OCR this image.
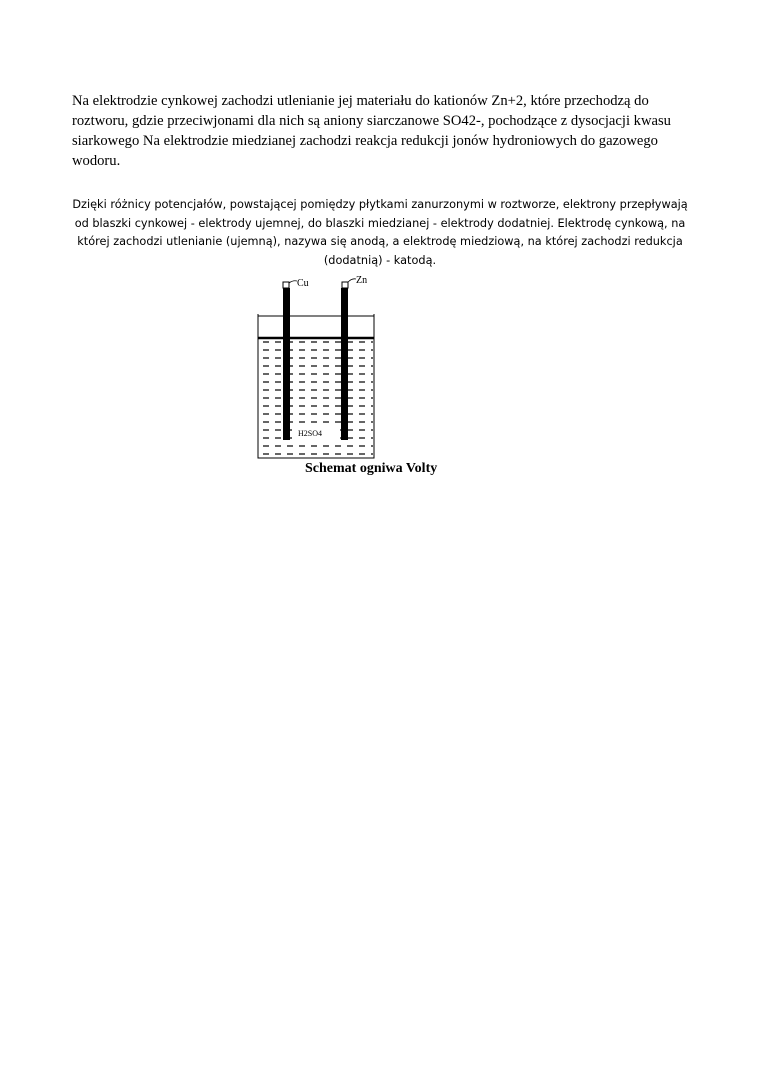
Na elektrodzie cynkowej zachodzi utlenianie jej materiału do kationów Zn+2, które przechodzą do roztworu, gdzie przeciwjonami dla nich są aniony siarczanowe SO42-, pochodzące z dysocjacji kwasu siarkowego Na elektrodzie miedzianej zachodzi reakcja redukcji jonów hydroniowych do gazowego wodoru.

Dzięki różnicy potencjałów, powstającej pomiędzy płytkami zanurzonymi w roztworze, elektrony przepływają od blaszki cynkowej - elektrody ujemnej, do blaszki miedzianej - elektrody dodatniej. Elektrodę cynkową, na której zachodzi utlenianie (ujemną), nazywa się anodą, a elektrodę miedziową, na której zachodzi redukcja (dodatnią) - katodą.

Cu	Zn
H2SO4
Schemat ogniwa Volty
